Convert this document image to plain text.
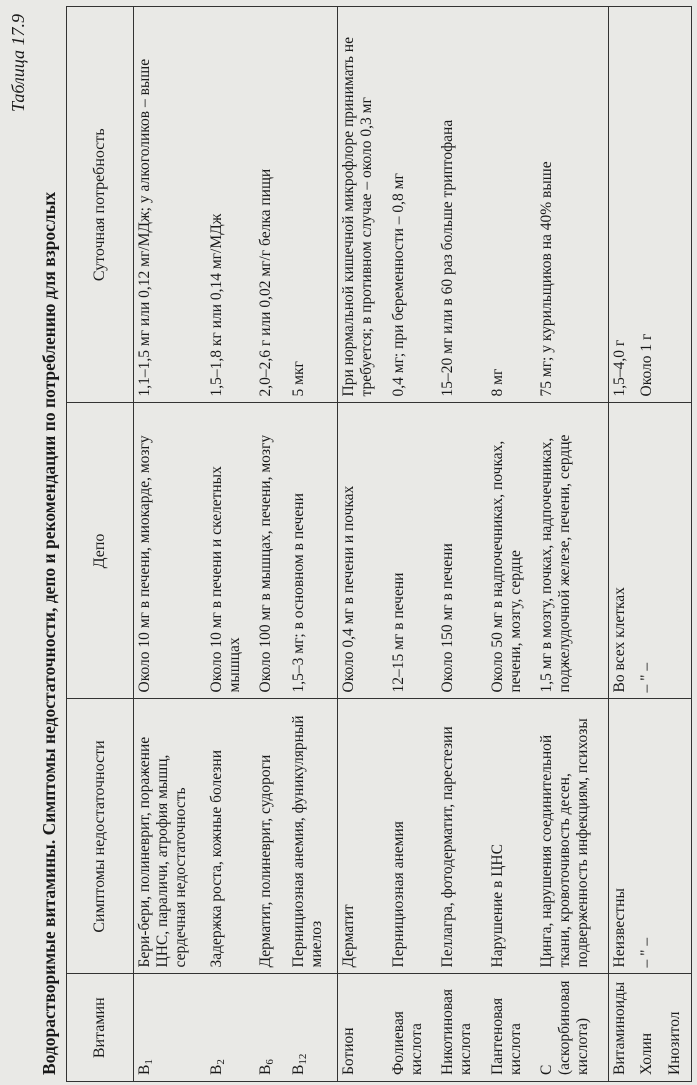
Таблица 17.9
Водорастворимые витамины. Симптомы недостаточности, депо и рекомендации по потреблению для взрослых Витамин	Симптомы недостаточности	Депо	Суточная потребность
$B_1$	Бери-бери, полиневрит, поражение ЦНС, параличи, атрофия мышц, сердечная недостаточность	Около 10 мг в печени, миокарде, мозгу	1,1–1,5 мг или 0,12 мг/МДж; у алкоголиков – выше
$B_2$	Задержка роста, кожные болезни	Около 10 мг в печени и скелетных мышцах	1,5–1,8 кг или 0,14 мг/МДж
$B_6$	Дерматит, полиневрит, судороги	Около 100 мг в мышцах, печени, мозгу	2,0–2,6 г или 0,02 мг/г белка пищи
$B_{12}$	Пернициозная анемия, фуникулярный миелоз	1,5–3 мг; в основном в печени	5 мкг
Ботион	Дерматит	Около 0,4 мг в печени и почках	При нормальной кишечной микрофлоре принимать не требуется; в противном случае – около 0,3 мг
Фолиевая кислота	Пернициозная анемия	12–15 мг в печени	0,4 мг; при беременности – 0,8 мг
Никотиновая кислота	Пеллагра, фотодерматит, парестезии	Около 150 мг в печени	15–20 мг или в 60 раз больше триптофана
Пантеновая кислота	Нарушение в ЦНС	Около 50 мг в надпочечниках, почках, печени, мозгу, сердце	8 мг
С (аскорбиновая кислота)	Цинга, нарушения соединительной ткани, кровоточивость десен, подверженность инфекциям, психозы	1,5 мг в мозгу, почках, надпочечниках, поджелудочной железе, печени, сердце	75 мг; у курильщиков на 40% выше
Витаминоиды	Неизвестны	Во всех клетках	1,5–4,0 г
Холин	– " –	– " –	Около 1 г
Инозитол			
